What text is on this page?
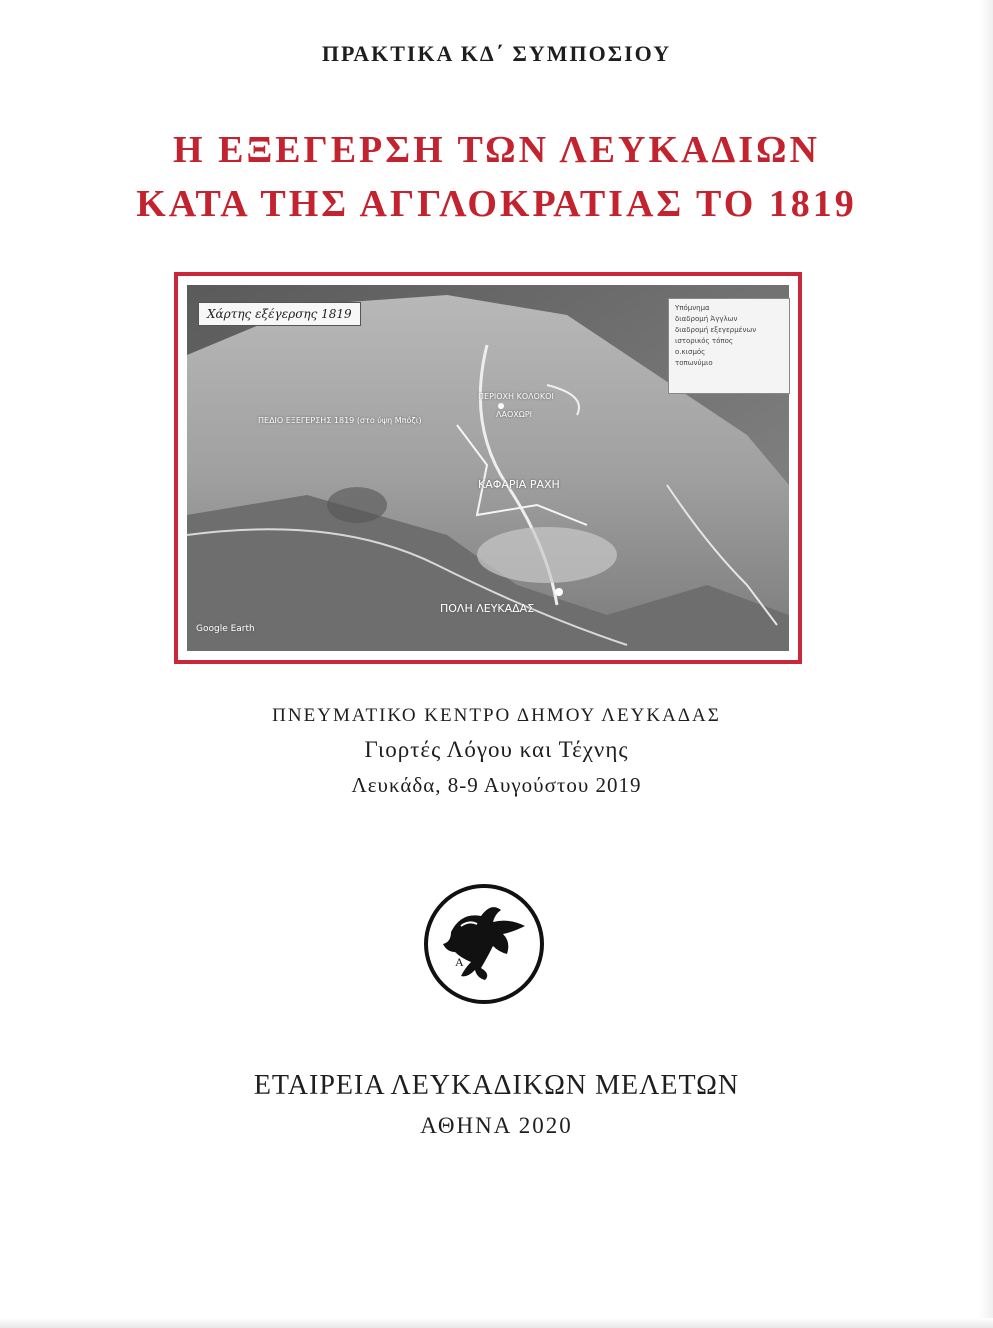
ΠΡΑΚΤΙΚΑ ΚΔ΄ ΣΥΜΠΟΣΙΟΥ
Η ΕΞΕΓΕΡΣΗ ΤΩΝ ΛΕΥΚΑΔΙΩΝ
ΚΑΤΑ ΤΗΣ ΑΓΓΛΟΚΡΑΤΙΑΣ ΤΟ 1819
Χάρτης εξέγερσης 1819	Υπόμνημα
διαδρομή Άγγλων
διαδρομή εξεγερμένων
ιστορικός τόπος
ο.κισμός
τοπωνύμιο
ΠΕΔΙΟ ΕΞΕΓΕΡΣΗΣ 1819 (στο ύψη Μπόζι)
ΠΕΡΙΟΧΗ ΚΟΛΟΚΟΙ
ΛΑΟΧΩΡΙ
ΚΑΦΑΡΙΑ ΡΑΧΗ
ΠΟΛΗ ΛΕΥΚΑΔΑΣ
Google Earth
ΠΝΕΥΜΑΤΙΚΟ ΚΕΝΤΡΟ ΔΗΜΟΥ ΛΕΥΚΑΔΑΣ
Γιορτές Λόγου και Τέχνης
Λευκάδα, 8-9 Αυγούστου 2019
Α
ΕΤΑΙΡΕΙΑ ΛΕΥΚΑΔΙΚΩΝ ΜΕΛΕΤΩΝ
ΑΘΗΝΑ 2020
